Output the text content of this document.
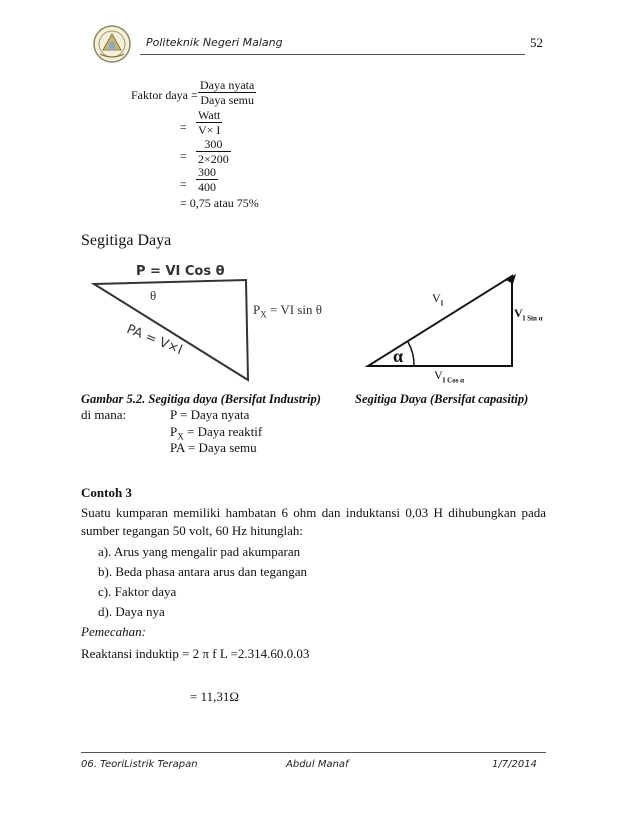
Politeknik Negeri Malang	52
Faktor daya =
Daya nyata
Daya semu
=
Watt
V× I
= $\frac{300}{2\times 200}$
= $\frac{300}{400}$
= 0,75 atau 75%
Segitiga Daya
P = VI Cos θ
θ
PA = V×I
$P_X$ = VI sin θ
$V_I$
$V_{I Sin \alpha}$
α
$V_{I Cos \alpha}$
Gambar 5.2. Segitiga daya (Bersifat Industrip)	Segitiga Daya (Bersifat capasitip)
di mana:	P = Daya nyata
$P_X$ = Daya reaktif
PA = Daya semu
Contoh 3
Suatu kumparan memiliki hambatan 6 ohm dan induktansi 0,03 H dihubungkan pada sumber tegangan 50 volt, 60 Hz hitunglah:
a). Arus yang mengalir pad akumparan
b). Beda phasa antara arus dan tegangan
c). Faktor daya
d). Daya nya
Pemecahan:
Reaktansi induktip = 2 π f L =2.314.60.0.03
= 11,31Ω
06. TeoriListrik Terapan	Abdul Manaf	1/7/2014
